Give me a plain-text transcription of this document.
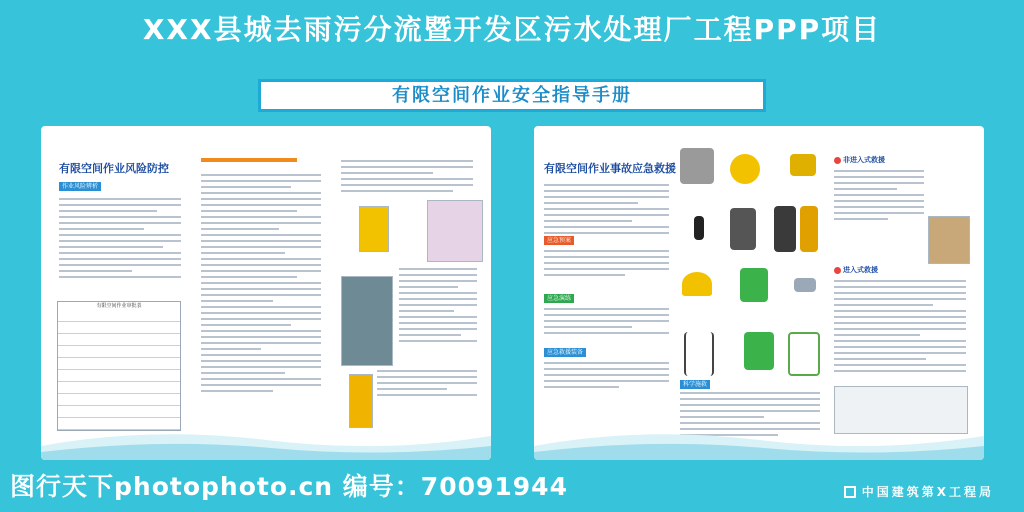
XXX县城去雨污分流暨开发区污水处理厂工程PPP项目
有限空间作业安全指导手册
有限空间作业风险防控
作业风险辨析
有限空间作业审批表
有限空间作业事故应急救援
应急预案
应急演练
应急救援装备
科学施救
非进入式救援
进入式救援
图行天下photophoto.cn 编号：70091944	中国建筑第X工程局
